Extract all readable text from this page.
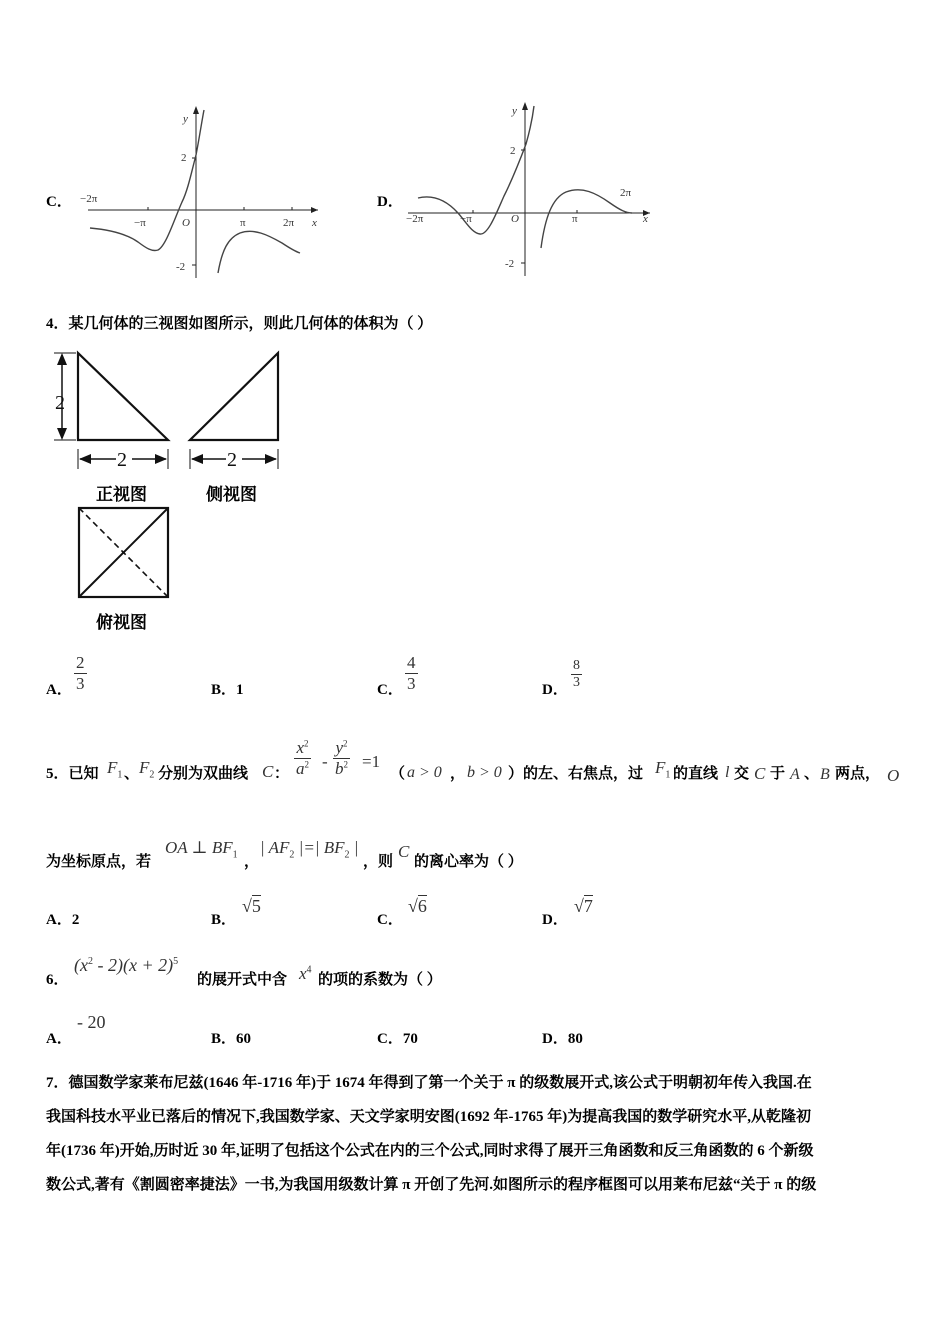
C．
y
x
O
2
-2
−2π
−π	π	2π
D．
y
x
O
2
-2
−2π	−π	π
2π
4．某几何体的三视图如图所示，则此几何体的体积为（ ）
2
2	2
正视图	侧视图
俯视图
A． $\frac{2}{3}$	B．1	C． $\frac{4}{3}$	D． $\frac{8}{3}$
5．已知 $F_1$ 、 $F_2$ 分别为双曲线 C ： $\frac{x^2}{a^2} - \frac{y^2}{b^2} =1$
（ a > 0 ， b > 0 ）的左、右焦点，过 $F_1$ 的直线 l 交 C 于 A 、 B 两点， O
为坐标原点，若
OA ⊥ $BF_1$ ，
| $AF_2$ |=| $BF_2$ |
，则
C
的离心率为（ ）
A．2	B．
√5
C．
√6
D．
√7
6．
$(x^2 - 2)(x + 2)^5$
的展开式中含 $x^4$
的项的系数为（ ）
A．
- 20
B．60	C．70	D．80
7．德国数学家莱布尼兹(1646 年-1716 年)于 1674 年得到了第一个关于 π 的级数展开式,该公式于明朝初年传入我国.在
我国科技水平业已落后的情况下,我国数学家、天文学家明安图(1692 年-1765 年)为提高我国的数学研究水平,从乾隆初
年(1736 年)开始,历时近 30 年,证明了包括这个公式在内的三个公式,同时求得了展开三角函数和反三角函数的 6 个新级
数公式,著有《割圆密率捷法》一书,为我国用级数计算 π 开创了先河.如图所示的程序框图可以用莱布尼兹“关于 π 的级
